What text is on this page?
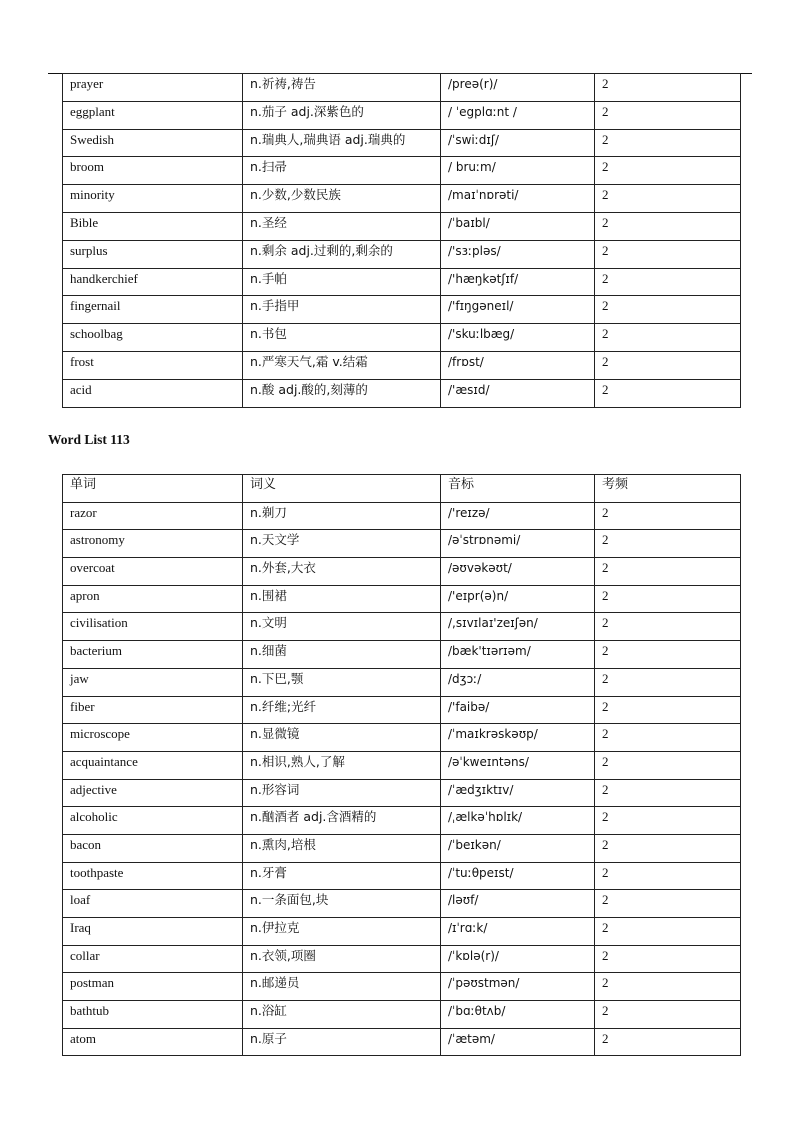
prayer	n.祈祷,祷告	/preə(r)/	2
eggplant	n.茄子 adj.深紫色的	/ ˈegplɑːnt /	2
Swedish	n.瑞典人,瑞典语 adj.瑞典的	/ˈswiːdɪʃ/	2
broom	n.扫帚	/ bruːm/	2
minority	n.少数,少数民族	/maɪˈnɒrəti/	2
Bible	n.圣经	/ˈbaɪbl/	2
surplus	n.剩余 adj.过剩的,剩余的	/'sɜːpləs/	2
handkerchief	n.手帕	/'hæŋkətʃɪf/	2
fingernail	n.手指甲	/'fɪŋgəneɪl/	2
schoolbag	n.书包	/'skuːlbæg/	2
frost	n.严寒天气,霜 v.结霜	/frɒst/	2
acid	n.酸 adj.酸的,刻薄的	/'æsɪd/	2
Word List 113
单词	词义	音标	考频
razor	n.剃刀	/'reɪzə/	2
astronomy	n.天文学	/əˈstrɒnəmi/	2
overcoat	n.外套,大衣	/əʊvəkəʊt/	2
apron	n.围裙	/'eɪpr(ə)n/	2
civilisation	n.文明	/,sɪvɪlaɪ'zeɪʃən/	2
bacterium	n.细菌	/bæk'tɪərɪəm/	2
jaw	n.下巴,颚	/dʒɔː/	2
fiber	n.纤维;光纤	/'faibə/	2
microscope	n.显微镜	/ˈmaɪkrəskəʊp/	2
acquaintance	n.相识,熟人,了解	/əˈkweɪntəns/	2
adjective	n.形容词	/ˈædʒɪktɪv/	2
alcoholic	n.酗酒者 adj.含酒精的	/ˌælkəˈhɒlɪk/	2
bacon	n.熏肉,培根	/ˈbeɪkən/	2
toothpaste	n.牙膏	/ˈtuːθpeɪst/	2
loaf	n.一条面包,块	/ləʊf/	2
Iraq	n.伊拉克	/ɪˈrɑːk/	2
collar	n.衣领,项圈	/ˈkɒlə(r)/	2
postman	n.邮递员	/ˈpəʊstmən/	2
bathtub	n.浴缸	/ˈbɑːθtʌb/	2
atom	n.原子	/ˈætəm/	2
